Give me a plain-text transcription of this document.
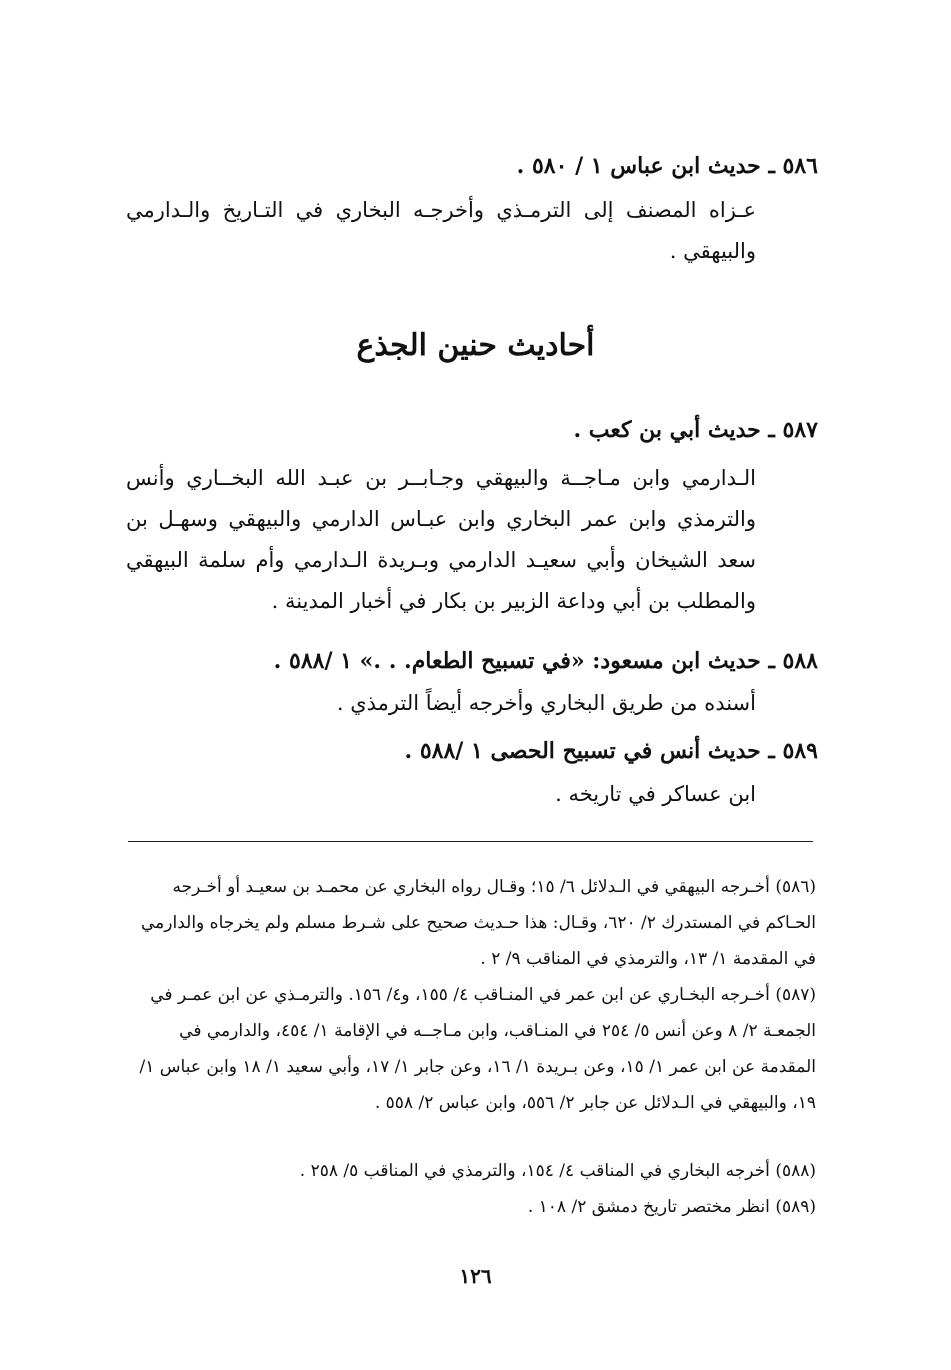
٥٨٦ ـ حديث ابن عباس ١ / ٥٨٠ .
عـزاه المصنف إلى الترمـذي وأخرجـه البخاري في التـاريخ والـدارمي والبيهقي .
أحاديث حنين الجذع
٥٨٧ ـ حديث أبي بن كعب .
الـدارمي وابن مـاجــة والبيهقي وجـابــر بن عبـد الله البخــاري وأنس والترمذي وابن عمر البخاري وابن عبـاس الدارمي والبيهقي وسهـل بن سعد الشيخان وأبي سعيـد الدارمي وبـريدة الـدارمي وأم سلمة البيهقي والمطلب بن أبي وداعة الزبير بن بكار في أخبار المدينة .
٥٨٨ ـ حديث ابن مسعود: «في تسبيح الطعام. . .» ١ /٥٨٨ .
أسنده من طريق البخاري وأخرجه أيضاً الترمذي .
٥٨٩ ـ حديث أنس في تسبيح الحصى ١ /٥٨٨ .
ابن عساكر في تاريخه .
(٥٨٦) أخـرجه البيهقي في الـدلائل ٦/ ١٥؛ وقـال رواه البخاري عن محمـد بن سعيـد أو أخـرجه الحـاكم في المستدرك ٢/ ٦٢٠، وقـال: هذا حـديث صحيح على شـرط مسلم ولم يخرجاه والدارمي في المقدمة ١/ ١٣، والترمذي في المناقب ٩/ ٢ .
(٥٨٧) أخـرجه البخـاري عن ابن عمر في المنـاقب ٤/ ١٥٥، و٤/ ١٥٦. والترمـذي عن ابن عمـر في الجمعـة ٢/ ٨ وعن أنس ٥/ ٢٥٤ في المنـاقب، وابن مـاجــه في الإقامة ١/ ٤٥٤، والدارمي في المقدمة عن ابن عمر ١/ ١٥، وعن بـريدة ١/ ١٦، وعن جابر ١/ ١٧، وأبي سعيد ١/ ١٨ وابن عباس ١/ ١٩، والبيهقي في الـدلائل عن جابر ٢/ ٥٥٦، وابن عباس ٢/ ٥٥٨ .
(٥٨٨) أخرجه البخاري في المناقب ٤/ ١٥٤، والترمذي في المناقب ٥/ ٢٥٨ .
(٥٨٩) انظر مختصر تاريخ دمشق ٢/ ١٠٨ .
١٢٦
